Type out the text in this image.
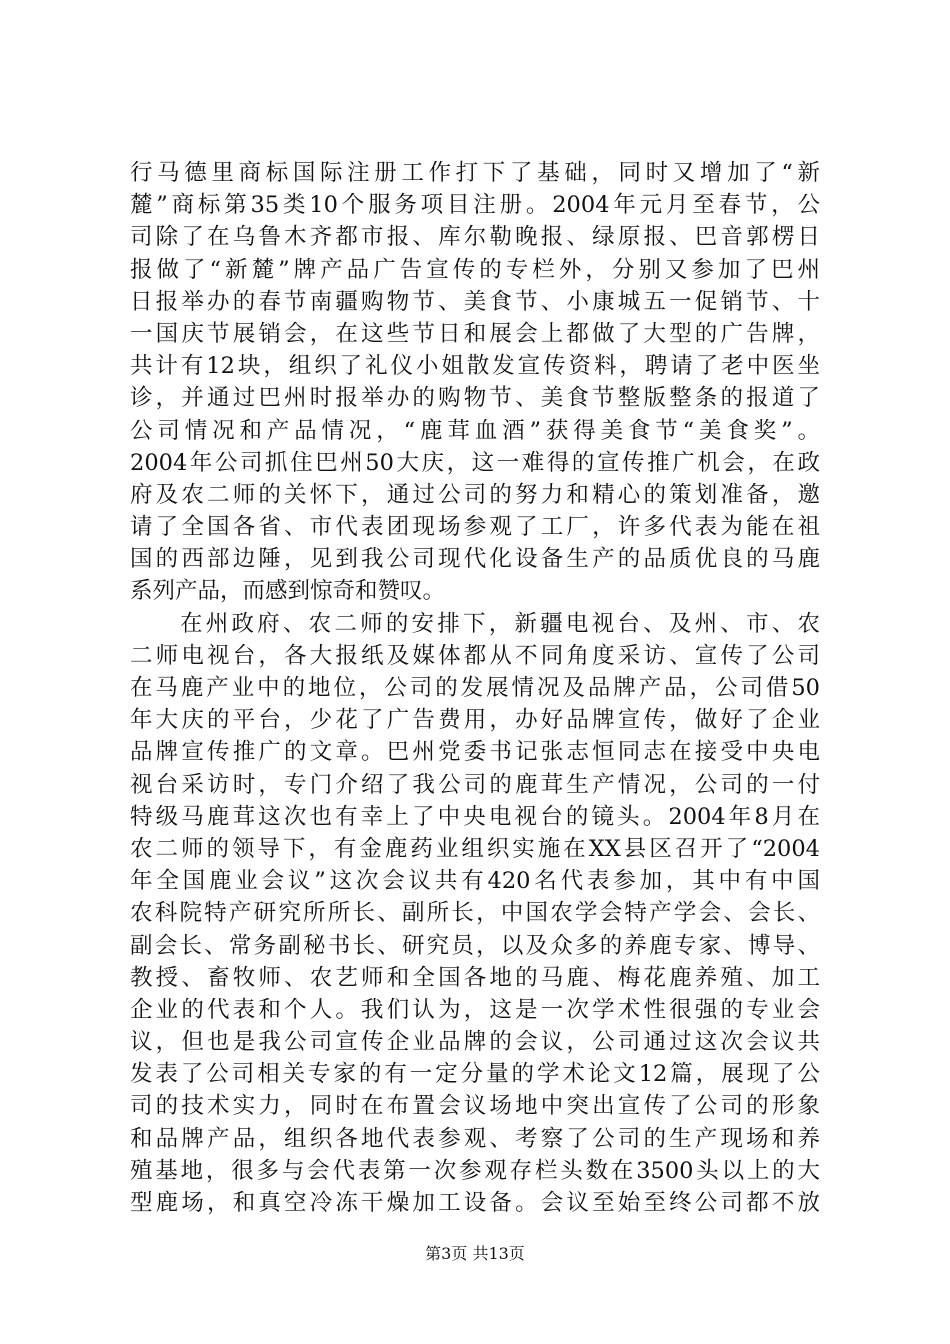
行马德里商标国际注册工作打下了基础，同时又增加了“新
麓”商标第35类10个服务项目注册。2004年元月至春节，公
司除了在乌鲁木齐都市报、库尔勒晚报、绿原报、巴音郭楞日
报做了“新麓”牌产品广告宣传的专栏外，分别又参加了巴州
日报举办的春节南疆购物节、美食节、小康城五一促销节、十
一国庆节展销会，在这些节日和展会上都做了大型的广告牌，
共计有12块，组织了礼仪小姐散发宣传资料，聘请了老中医坐
诊，并通过巴州时报举办的购物节、美食节整版整条的报道了
公司情况和产品情况，“鹿茸血酒”获得美食节“美食奖”。
2004年公司抓住巴州50大庆，这一难得的宣传推广机会，在政
府及农二师的关怀下，通过公司的努力和精心的策划准备，邀
请了全国各省、市代表团现场参观了工厂，许多代表为能在祖
国的西部边陲，见到我公司现代化设备生产的品质优良的马鹿
系列产品，而感到惊奇和赞叹。
在州政府、农二师的安排下，新疆电视台、及州、市、农
二师电视台，各大报纸及媒体都从不同角度采访、宣传了公司
在马鹿产业中的地位，公司的发展情况及品牌产品，公司借50
年大庆的平台，少花了广告费用，办好品牌宣传，做好了企业
品牌宣传推广的文章。巴州党委书记张志恒同志在接受中央电
视台采访时，专门介绍了我公司的鹿茸生产情况，公司的一付
特级马鹿茸这次也有幸上了中央电视台的镜头。2004年8月在
农二师的领导下，有金鹿药业组织实施在XX县区召开了“2004
年全国鹿业会议”这次会议共有420名代表参加，其中有中国
农科院特产研究所所长、副所长，中国农学会特产学会、会长、
副会长、常务副秘书长、研究员，以及众多的养鹿专家、博导、
教授、畜牧师、农艺师和全国各地的马鹿、梅花鹿养殖、加工
企业的代表和个人。我们认为，这是一次学术性很强的专业会
议，但也是我公司宣传企业品牌的会议，公司通过这次会议共
发表了公司相关专家的有一定分量的学术论文12篇，展现了公
司的技术实力，同时在布置会议场地中突出宣传了公司的形象
和品牌产品，组织各地代表参观、考察了公司的生产现场和养
殖基地，很多与会代表第一次参观存栏头数在3500头以上的大
型鹿场，和真空冷冻干燥加工设备。会议至始至终公司都不放
第3页 共13页
